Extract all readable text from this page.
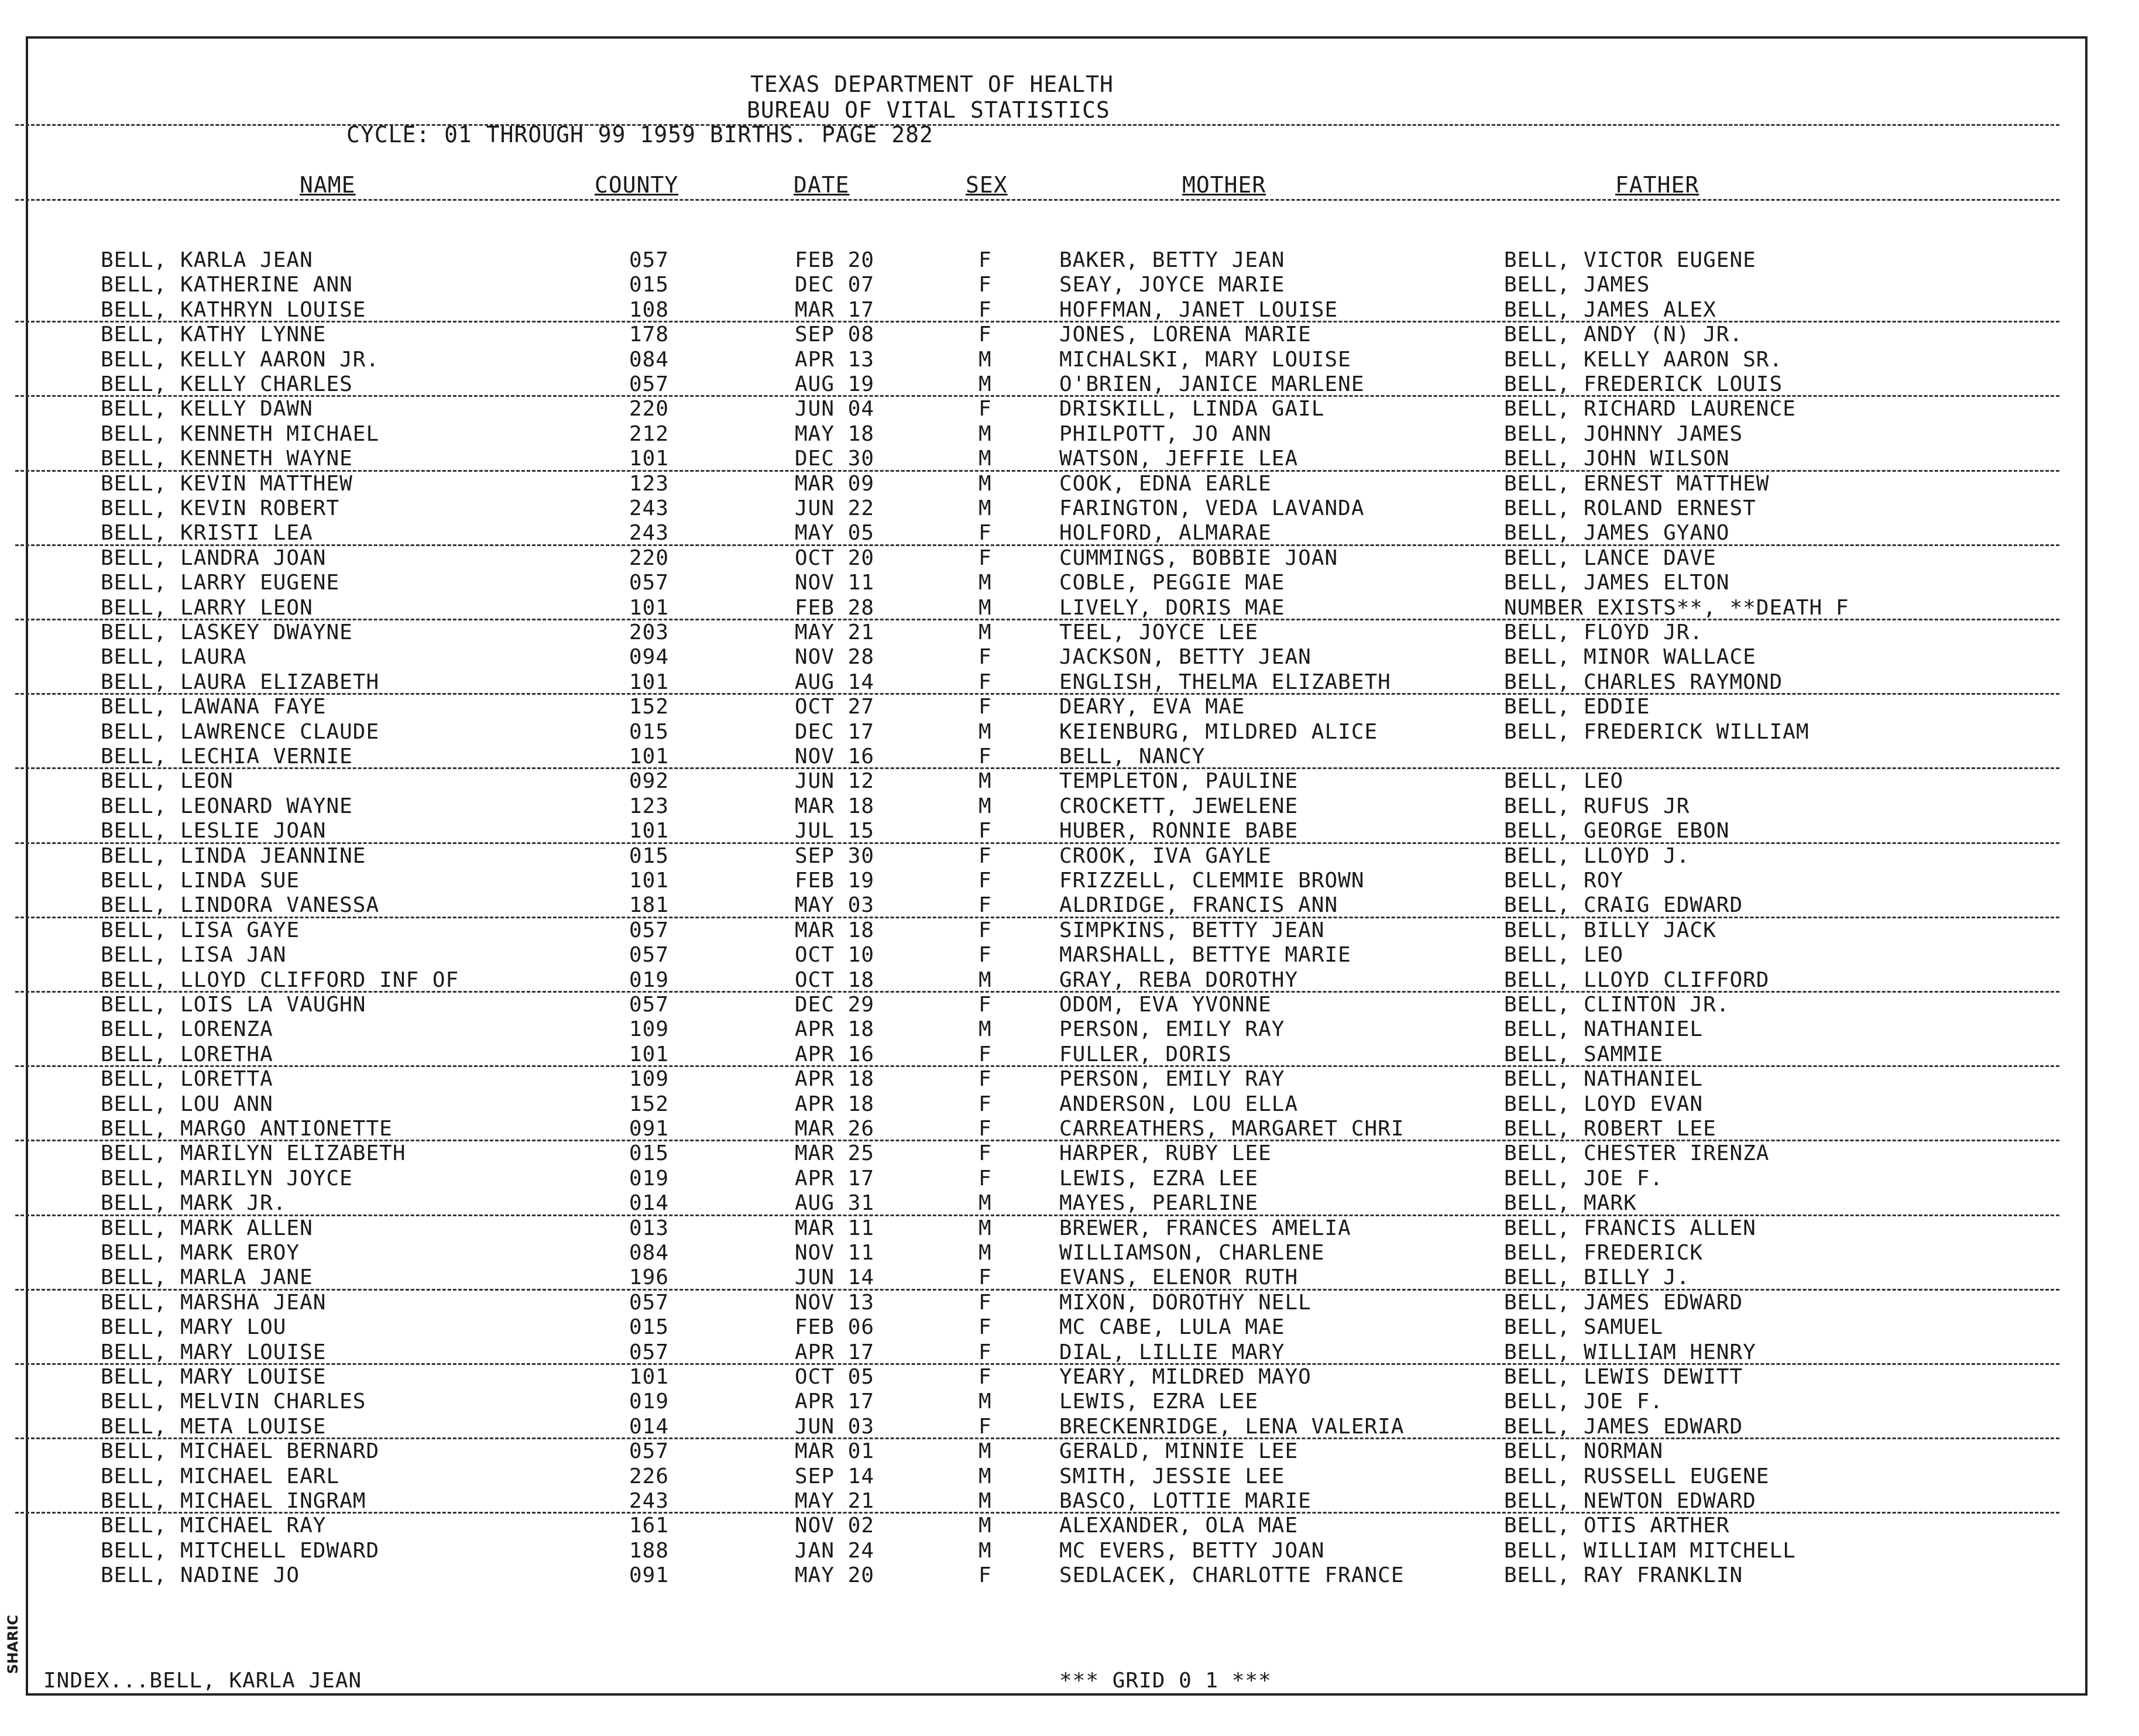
TEXAS DEPARTMENT OF HEALTH
BUREAU OF VITAL STATISTICS
CYCLE: 01 THROUGH 99 1959 BIRTHS. PAGE 282
NAME	COUNTY	DATE	SEX	MOTHER	FATHER
BELL, KARLA JEAN	057	FEB 20	F	BAKER, BETTY JEAN	BELL, VICTOR EUGENE
BELL, KATHERINE ANN	015	DEC 07	F	SEAY, JOYCE MARIE	BELL, JAMES
BELL, KATHRYN LOUISE	108	MAR 17	F	HOFFMAN, JANET LOUISE	BELL, JAMES ALEX
BELL, KATHY LYNNE	178	SEP 08	F	JONES, LORENA MARIE	BELL, ANDY (N) JR.
BELL, KELLY AARON JR.	084	APR 13	M	MICHALSKI, MARY LOUISE	BELL, KELLY AARON SR.
BELL, KELLY CHARLES	057	AUG 19	M	O'BRIEN, JANICE MARLENE	BELL, FREDERICK LOUIS
BELL, KELLY DAWN	220	JUN 04	F	DRISKILL, LINDA GAIL	BELL, RICHARD LAURENCE
BELL, KENNETH MICHAEL	212	MAY 18	M	PHILPOTT, JO ANN	BELL, JOHNNY JAMES
BELL, KENNETH WAYNE	101	DEC 30	M	WATSON, JEFFIE LEA	BELL, JOHN WILSON
BELL, KEVIN MATTHEW	123	MAR 09	M	COOK, EDNA EARLE	BELL, ERNEST MATTHEW
BELL, KEVIN ROBERT	243	JUN 22	M	FARINGTON, VEDA LAVANDA	BELL, ROLAND ERNEST
BELL, KRISTI LEA	243	MAY 05	F	HOLFORD, ALMARAE	BELL, JAMES GYANO
BELL, LANDRA JOAN	220	OCT 20	F	CUMMINGS, BOBBIE JOAN	BELL, LANCE DAVE
BELL, LARRY EUGENE	057	NOV 11	M	COBLE, PEGGIE MAE	BELL, JAMES ELTON
BELL, LARRY LEON	101	FEB 28	M	LIVELY, DORIS MAE	NUMBER EXISTS**, **DEATH F
BELL, LASKEY DWAYNE	203	MAY 21	M	TEEL, JOYCE LEE	BELL, FLOYD JR.
BELL, LAURA	094	NOV 28	F	JACKSON, BETTY JEAN	BELL, MINOR WALLACE
BELL, LAURA ELIZABETH	101	AUG 14	F	ENGLISH, THELMA ELIZABETH	BELL, CHARLES RAYMOND
BELL, LAWANA FAYE	152	OCT 27	F	DEARY, EVA MAE	BELL, EDDIE
BELL, LAWRENCE CLAUDE	015	DEC 17	M	KEIENBURG, MILDRED ALICE	BELL, FREDERICK WILLIAM
BELL, LECHIA VERNIE	101	NOV 16	F	BELL, NANCY
BELL, LEON	092	JUN 12	M	TEMPLETON, PAULINE	BELL, LEO
BELL, LEONARD WAYNE	123	MAR 18	M	CROCKETT, JEWELENE	BELL, RUFUS JR
BELL, LESLIE JOAN	101	JUL 15	F	HUBER, RONNIE BABE	BELL, GEORGE EBON
BELL, LINDA JEANNINE	015	SEP 30	F	CROOK, IVA GAYLE	BELL, LLOYD J.
BELL, LINDA SUE	101	FEB 19	F	FRIZZELL, CLEMMIE BROWN	BELL, ROY
BELL, LINDORA VANESSA	181	MAY 03	F	ALDRIDGE, FRANCIS ANN	BELL, CRAIG EDWARD
BELL, LISA GAYE	057	MAR 18	F	SIMPKINS, BETTY JEAN	BELL, BILLY JACK
BELL, LISA JAN	057	OCT 10	F	MARSHALL, BETTYE MARIE	BELL, LEO
BELL, LLOYD CLIFFORD INF OF	019	OCT 18	M	GRAY, REBA DOROTHY	BELL, LLOYD CLIFFORD
BELL, LOIS LA VAUGHN	057	DEC 29	F	ODOM, EVA YVONNE	BELL, CLINTON JR.
BELL, LORENZA	109	APR 18	M	PERSON, EMILY RAY	BELL, NATHANIEL
BELL, LORETHA	101	APR 16	F	FULLER, DORIS	BELL, SAMMIE
BELL, LORETTA	109	APR 18	F	PERSON, EMILY RAY	BELL, NATHANIEL
BELL, LOU ANN	152	APR 18	F	ANDERSON, LOU ELLA	BELL, LOYD EVAN
BELL, MARGO ANTIONETTE	091	MAR 26	F	CARREATHERS, MARGARET CHRI	BELL, ROBERT LEE
BELL, MARILYN ELIZABETH	015	MAR 25	F	HARPER, RUBY LEE	BELL, CHESTER IRENZA
BELL, MARILYN JOYCE	019	APR 17	F	LEWIS, EZRA LEE	BELL, JOE F.
BELL, MARK JR.	014	AUG 31	M	MAYES, PEARLINE	BELL, MARK
BELL, MARK ALLEN	013	MAR 11	M	BREWER, FRANCES AMELIA	BELL, FRANCIS ALLEN
BELL, MARK EROY	084	NOV 11	M	WILLIAMSON, CHARLENE	BELL, FREDERICK
BELL, MARLA JANE	196	JUN 14	F	EVANS, ELENOR RUTH	BELL, BILLY J.
BELL, MARSHA JEAN	057	NOV 13	F	MIXON, DOROTHY NELL	BELL, JAMES EDWARD
BELL, MARY LOU	015	FEB 06	F	MC CABE, LULA MAE	BELL, SAMUEL
BELL, MARY LOUISE	057	APR 17	F	DIAL, LILLIE MARY	BELL, WILLIAM HENRY
BELL, MARY LOUISE	101	OCT 05	F	YEARY, MILDRED MAYO	BELL, LEWIS DEWITT
BELL, MELVIN CHARLES	019	APR 17	M	LEWIS, EZRA LEE	BELL, JOE F.
BELL, META LOUISE	014	JUN 03	F	BRECKENRIDGE, LENA VALERIA	BELL, JAMES EDWARD
BELL, MICHAEL BERNARD	057	MAR 01	M	GERALD, MINNIE LEE	BELL, NORMAN
BELL, MICHAEL EARL	226	SEP 14	M	SMITH, JESSIE LEE	BELL, RUSSELL EUGENE
BELL, MICHAEL INGRAM	243	MAY 21	M	BASCO, LOTTIE MARIE	BELL, NEWTON EDWARD
BELL, MICHAEL RAY	161	NOV 02	M	ALEXANDER, OLA MAE	BELL, OTIS ARTHER
BELL, MITCHELL EDWARD	188	JAN 24	M	MC EVERS, BETTY JOAN	BELL, WILLIAM MITCHELL
BELL, NADINE JO	091	MAY 20	F	SEDLACEK, CHARLOTTE FRANCE	BELL, RAY FRANKLIN
INDEX...BELL, KARLA JEAN	*** GRID 0 1 ***
SHARIC
